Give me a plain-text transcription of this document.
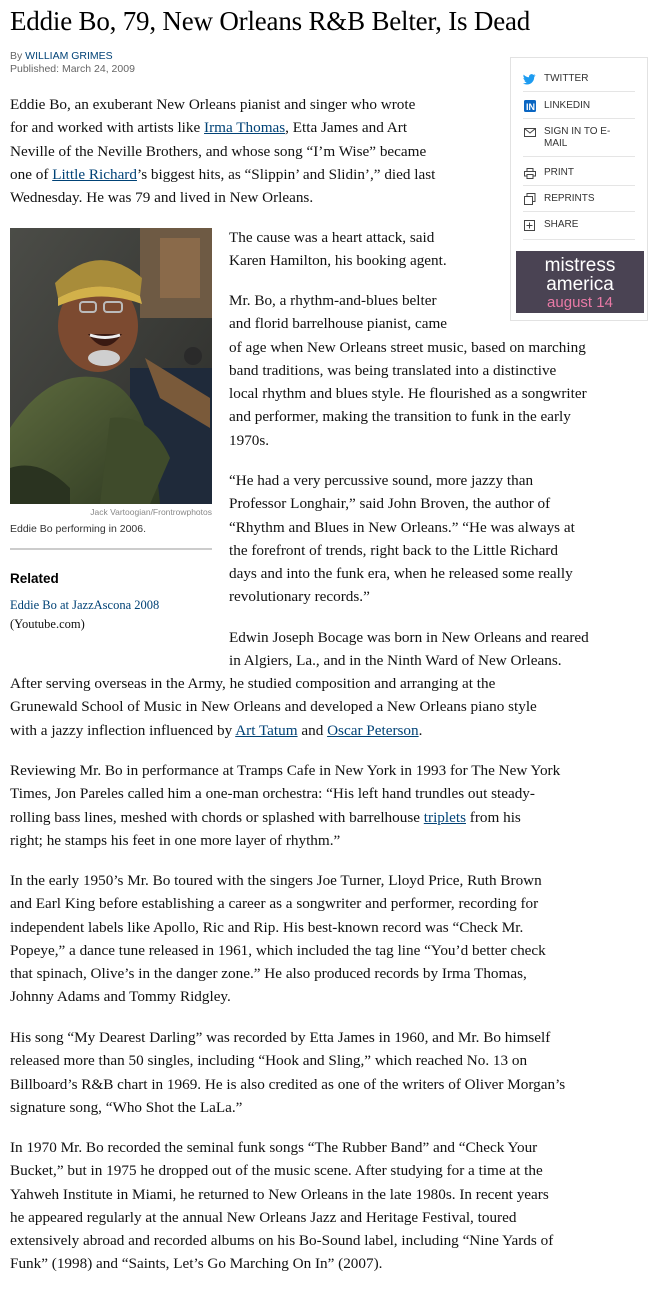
Eddie Bo, 79, New Orleans R&B Belter, Is Dead
By WILLIAM GRIMES
Published: March 24, 2009
TWITTER
IN LINKEDIN
SIGN IN TO E-
MAIL
PRINT
REPRINTS
SHARE
mistress
america
august 14
Eddie Bo, an exuberant New Orleans pianist and singer who wrote
for and worked with artists like Irma Thomas, Etta James and Art
Neville of the Neville Brothers, and whose song “I’m Wise” became
one of Little Richard’s biggest hits, as “Slippin’ and Slidin’,” died last
Wednesday. He was 79 and lived in New Orleans.
Jack Vartoogian/Frontrowphotos
Eddie Bo performing in 2006.
Related
Eddie Bo at JazzAscona 2008
(Youtube.com)
The cause was a heart attack, said
Karen Hamilton, his booking agent.
Mr. Bo, a rhythm-and-blues belter
and florid barrelhouse pianist, came
of age when New Orleans street music, based on marching
band traditions, was being translated into a distinctive
local rhythm and blues style. He flourished as a songwriter
and performer, making the transition to funk in the early
1970s.
“He had a very percussive sound, more jazzy than
Professor Longhair,” said John Broven, the author of
“Rhythm and Blues in New Orleans.” “He was always at
the forefront of trends, right back to the Little Richard
days and into the funk era, when he released some really
revolutionary records.”
Edwin Joseph Bocage was born in New Orleans and reared
in Algiers, La., and in the Ninth Ward of New Orleans.
After serving overseas in the Army, he studied composition and arranging at the
Grunewald School of Music in New Orleans and developed a New Orleans piano style
with a jazzy inflection influenced by Art Tatum and Oscar Peterson.
Reviewing Mr. Bo in performance at Tramps Cafe in New York in 1993 for The New York
Times, Jon Pareles called him a one-man orchestra: “His left hand trundles out steady-
rolling bass lines, meshed with chords or splashed with barrelhouse triplets from his
right; he stamps his feet in one more layer of rhythm.”
In the early 1950’s Mr. Bo toured with the singers Joe Turner, Lloyd Price, Ruth Brown
and Earl King before establishing a career as a songwriter and performer, recording for
independent labels like Apollo, Ric and Rip. His best-known record was “Check Mr.
Popeye,” a dance tune released in 1961, which included the tag line “You’d better check
that spinach, Olive’s in the danger zone.” He also produced records by Irma Thomas,
Johnny Adams and Tommy Ridgley.
His song “My Dearest Darling” was recorded by Etta James in 1960, and Mr. Bo himself
released more than 50 singles, including “Hook and Sling,” which reached No. 13 on
Billboard’s R&B chart in 1969. He is also credited as one of the writers of Oliver Morgan’s
signature song, “Who Shot the LaLa.”
In 1970 Mr. Bo recorded the seminal funk songs “The Rubber Band” and “Check Your
Bucket,” but in 1975 he dropped out of the music scene. After studying for a time at the
Yahweh Institute in Miami, he returned to New Orleans in the late 1980s. In recent years
he appeared regularly at the annual New Orleans Jazz and Heritage Festival, toured
extensively abroad and recorded albums on his Bo-Sound label, including “Nine Yards of
Funk” (1998) and “Saints, Let’s Go Marching On In” (2007).
